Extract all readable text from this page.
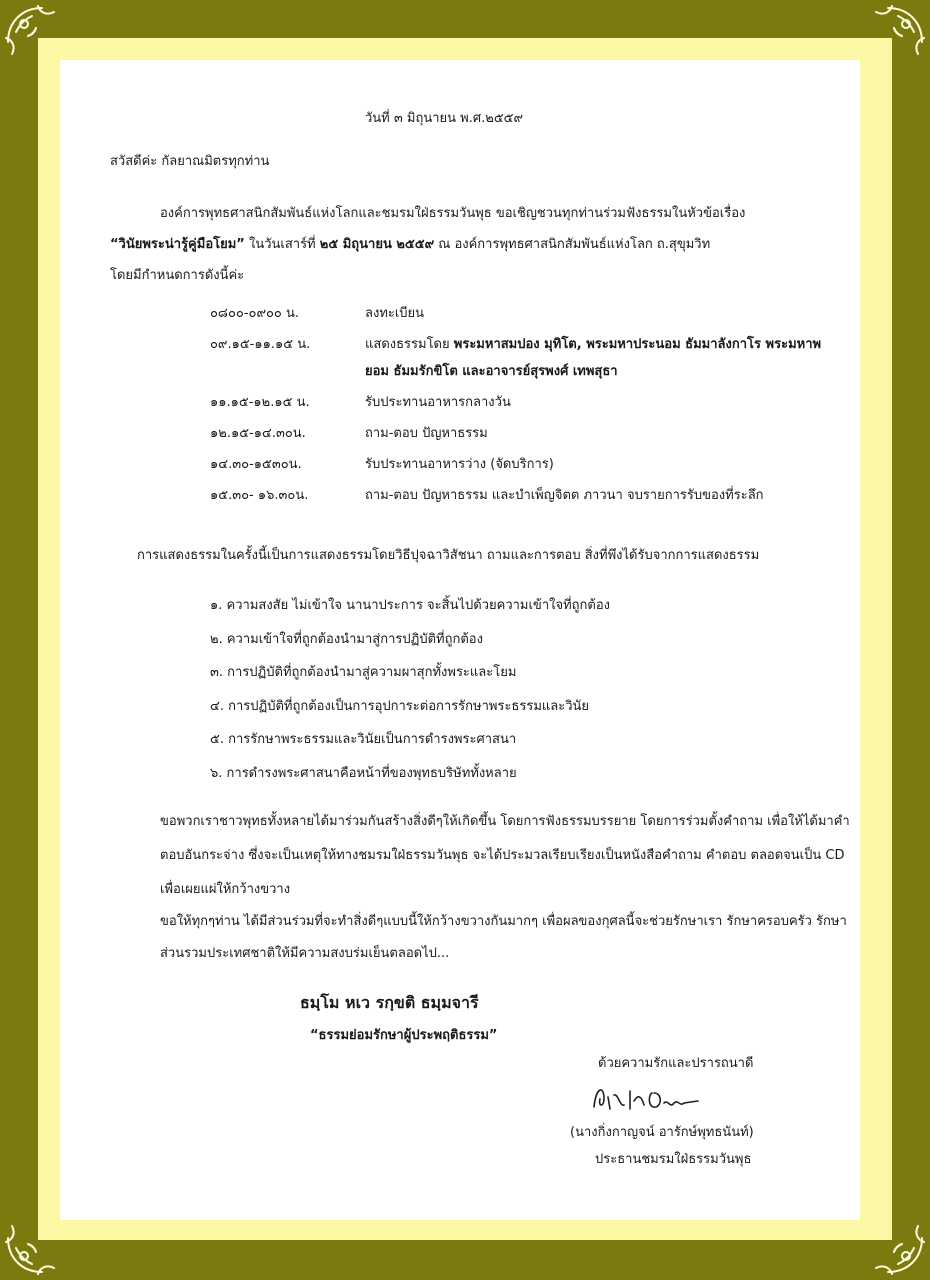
วันที่ ๓ มิถุนายน พ.ศ.๒๕๕๙
สวัสดีค่ะ กัลยาณมิตรทุกท่าน
องค์การพุทธศาสนิกสัมพันธ์แห่งโลกและชมรมใฝ่ธรรมวันพุธ ขอเชิญชวนทุกท่านร่วมฟังธรรมในหัวข้อเรื่อง
“วินัยพระน่ารู้คู่มือโยม” ในวันเสาร์ที่ ๒๕ มิถุนายน ๒๕๕๙ ณ องค์การพุทธศาสนิกสัมพันธ์แห่งโลก ถ.สุขุมวิท
โดยมีกำหนดการดังนี้ค่ะ
๐๘๐๐-๐๙๐๐ น.	ลงทะเบียน
๐๙.๑๕-๑๑.๑๕ น.	แสดงธรรมโดย พระมหาสมปอง มุทิโต, พระมหาประนอม ธัมมาลังกาโร พระมหาพยอม ธัมมรักขิโต และอาจารย์สุรพงศ์ เทพสุธา
๑๑.๑๕-๑๒.๑๕ น.	รับประทานอาหารกลางวัน
๑๒.๑๕-๑๔.๓๐น.	ถาม-ตอบ ปัญหาธรรม
๑๔.๓๐-๑๕๓๐น.	รับประทานอาหารว่าง (จัดบริการ)
๑๕.๓๐- ๑๖.๓๐น.	ถาม-ตอบ ปัญหาธรรม และบำเพ็ญจิตต ภาวนา จบรายการรับของที่ระลึก
การแสดงธรรมในครั้งนี้เป็นการแสดงธรรมโดยวิธีปุจฉาวิสัชนา ถามและการตอบ สิ่งที่พึงได้รับจากการแสดงธรรม
๑. ความสงสัย ไม่เข้าใจ นานาประการ จะสิ้นไปด้วยความเข้าใจที่ถูกต้อง
๒. ความเข้าใจที่ถูกต้องนำมาสู่การปฏิบัติที่ถูกต้อง
๓. การปฏิบัติที่ถูกต้องนำมาสู่ความผาสุกทั้งพระและโยม
๔. การปฏิบัติที่ถูกต้องเป็นการอุปการะต่อการรักษาพระธรรมและวินัย
๕. การรักษาพระธรรมและวินัยเป็นการดำรงพระศาสนา
๖. การดำรงพระศาสนาคือหน้าที่ของพุทธบริษัททั้งหลาย
ขอพวกเราชาวพุทธทั้งหลายได้มาร่วมกันสร้างสิ่งดีๆให้เกิดขึ้น โดยการฟังธรรมบรรยาย โดยการร่วมตั้งคำถาม เพื่อให้ได้มาคำตอบอันกระจ่าง ซึ่งจะเป็นเหตุให้ทางชมรมใฝ่ธรรมวันพุธ จะได้ประมวลเรียบเรียงเป็นหนังสือคำถาม คำตอบ ตลอดจนเป็น CD เพื่อเผยแผ่ให้กว้างขวาง
ขอให้ทุกๆท่าน ได้มีส่วนร่วมที่จะทำสิ่งดีๆแบบนี้ให้กว้างขวางกันมากๆ เพื่อผลของกุศลนี้จะช่วยรักษาเรา รักษาครอบครัว รักษาส่วนรวมประเทศชาติให้มีความสงบร่มเย็นตลอดไป...
ธมฺโม หเว รกฺขติ ธมฺมจารี
“ธรรมย่อมรักษาผู้ประพฤติธรรม”
ด้วยความรักและปรารถนาดี
(นางกิ่งกาญจน์ อารักษ์พุทธนันท์)
ประธานชมรมใฝ่ธรรมวันพุธ
